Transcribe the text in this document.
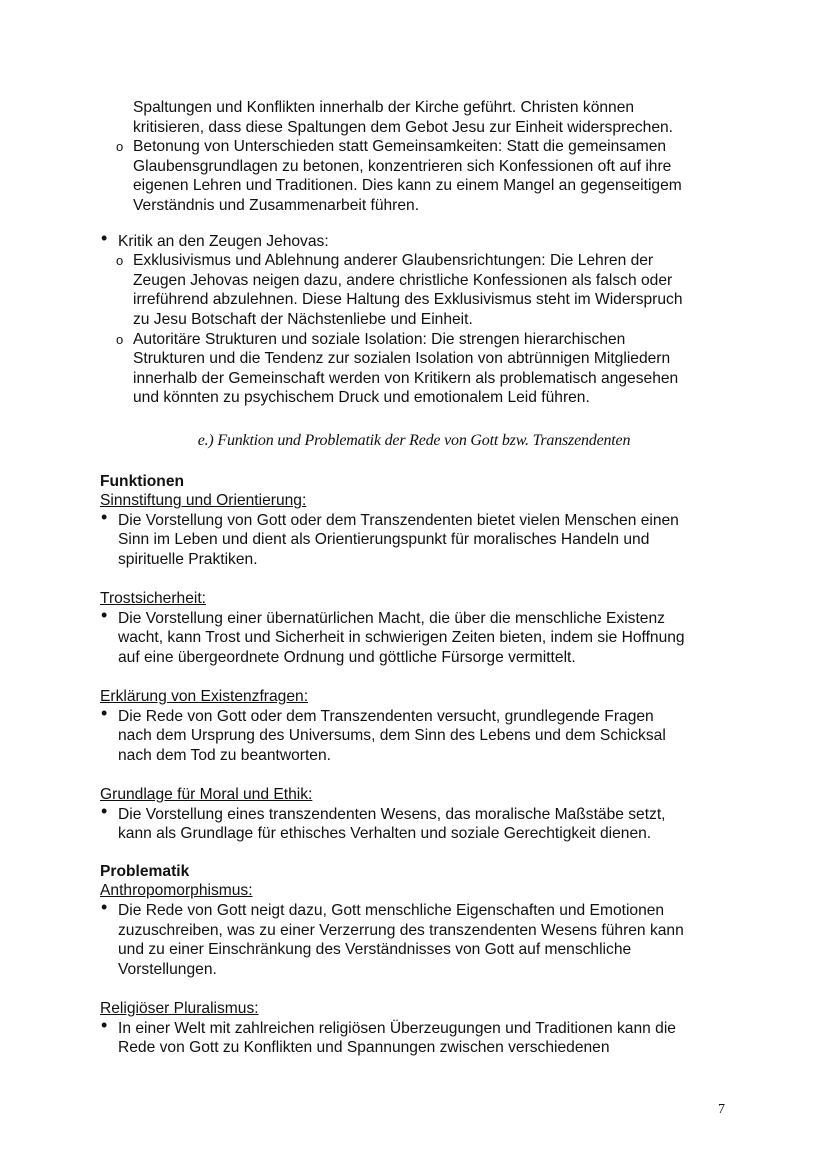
Spaltungen und Konflikten innerhalb der Kirche geführt. Christen können
kritisieren, dass diese Spaltungen dem Gebot Jesu zur Einheit widersprechen.
o Betonung von Unterschieden statt Gemeinsamkeiten: Statt die gemeinsamen
Glaubensgrundlagen zu betonen, konzentrieren sich Konfessionen oft auf ihre
eigenen Lehren und Traditionen. Dies kann zu einem Mangel an gegenseitigem
Verständnis und Zusammenarbeit führen.
• Kritik an den Zeugen Jehovas:
o Exklusivismus und Ablehnung anderer Glaubensrichtungen: Die Lehren der
Zeugen Jehovas neigen dazu, andere christliche Konfessionen als falsch oder
irreführend abzulehnen. Diese Haltung des Exklusivismus steht im Widerspruch
zu Jesu Botschaft der Nächstenliebe und Einheit.
o Autoritäre Strukturen und soziale Isolation: Die strengen hierarchischen
Strukturen und die Tendenz zur sozialen Isolation von abtrünnigen Mitgliedern
innerhalb der Gemeinschaft werden von Kritikern als problematisch angesehen
und könnten zu psychischem Druck und emotionalem Leid führen.
e.) Funktion und Problematik der Rede von Gott bzw. Transzendenten
Funktionen
Sinnstiftung und Orientierung:
• Die Vorstellung von Gott oder dem Transzendenten bietet vielen Menschen einen
Sinn im Leben und dient als Orientierungspunkt für moralisches Handeln und
spirituelle Praktiken.
Trostsicherheit:
• Die Vorstellung einer übernatürlichen Macht, die über die menschliche Existenz
wacht, kann Trost und Sicherheit in schwierigen Zeiten bieten, indem sie Hoffnung
auf eine übergeordnete Ordnung und göttliche Fürsorge vermittelt.
Erklärung von Existenzfragen:
• Die Rede von Gott oder dem Transzendenten versucht, grundlegende Fragen
nach dem Ursprung des Universums, dem Sinn des Lebens und dem Schicksal
nach dem Tod zu beantworten.
Grundlage für Moral und Ethik:
• Die Vorstellung eines transzendenten Wesens, das moralische Maßstäbe setzt,
kann als Grundlage für ethisches Verhalten und soziale Gerechtigkeit dienen.
Problematik
Anthropomorphismus:
• Die Rede von Gott neigt dazu, Gott menschliche Eigenschaften und Emotionen
zuzuschreiben, was zu einer Verzerrung des transzendenten Wesens führen kann
und zu einer Einschränkung des Verständnisses von Gott auf menschliche
Vorstellungen.
Religiöser Pluralismus:
• In einer Welt mit zahlreichen religiösen Überzeugungen und Traditionen kann die
Rede von Gott zu Konflikten und Spannungen zwischen verschiedenen
7
